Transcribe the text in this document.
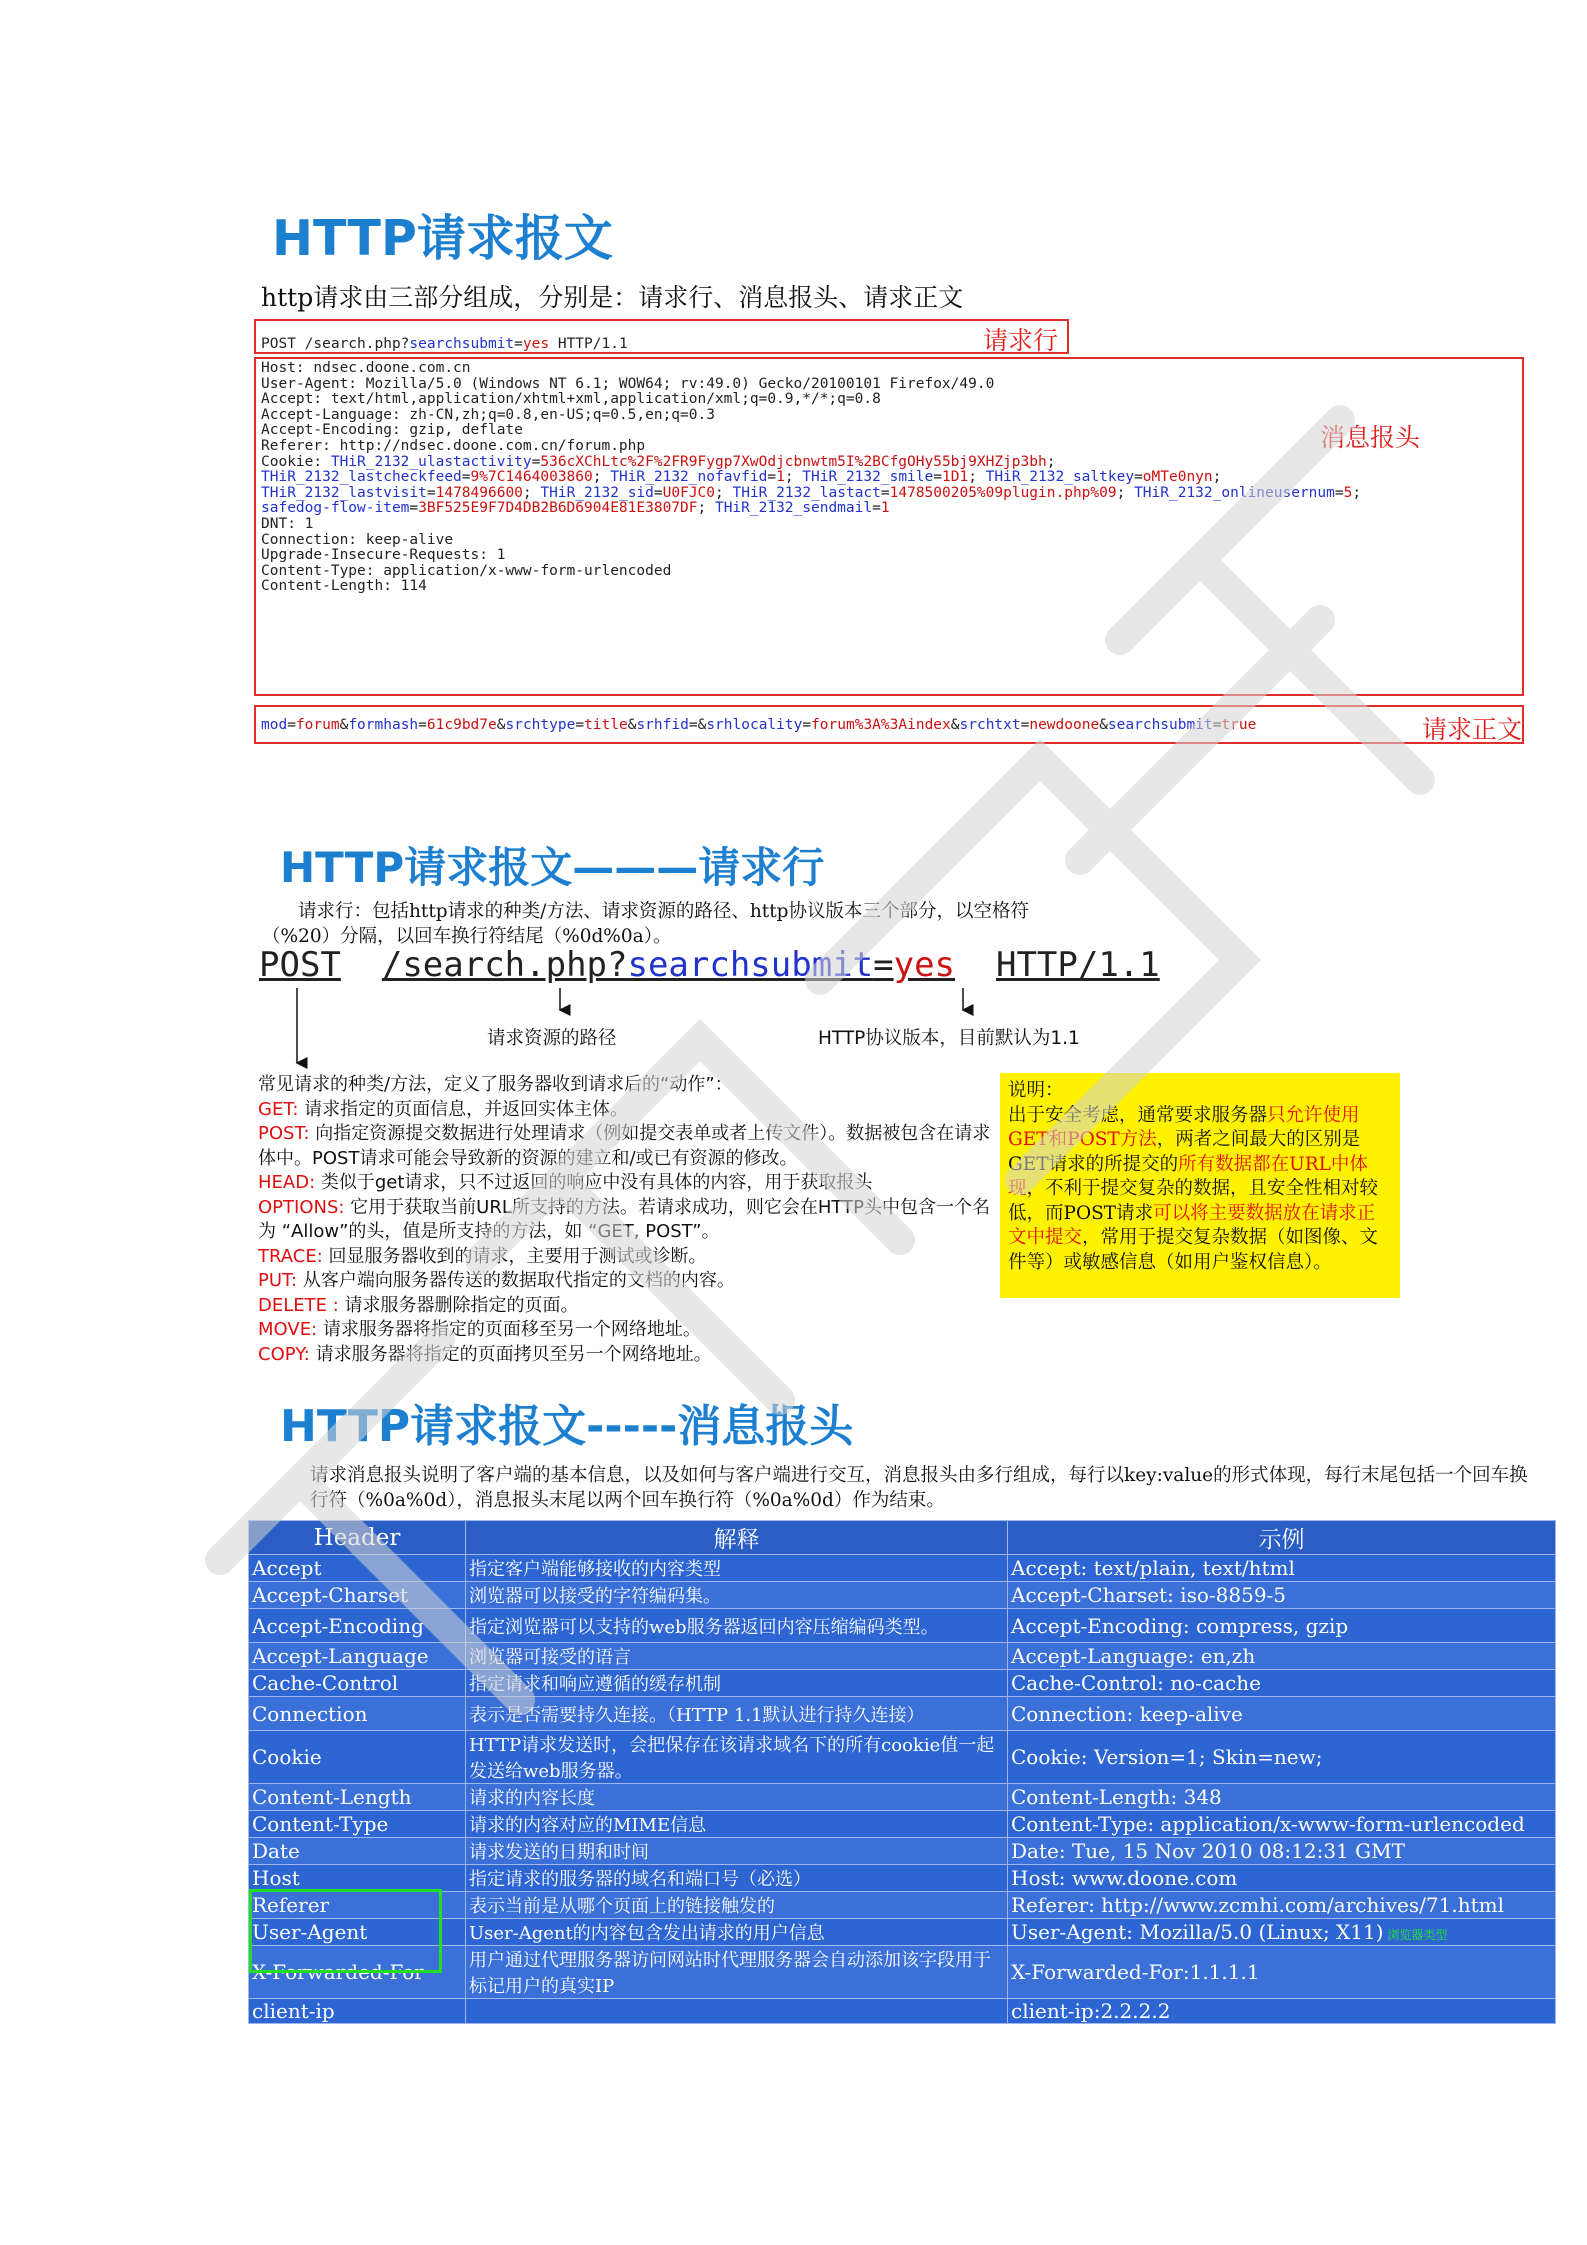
HTTP请求报文
http请求由三部分组成，分别是：请求行、消息报头、请求正文
请求行
POST /search.php?searchsubmit=yes HTTP/1.1
消息报头
Host: ndsec.doone.com.cn
User-Agent: Mozilla/5.0 (Windows NT 6.1; WOW64; rv:49.0) Gecko/20100101 Firefox/49.0
Accept: text/html,application/xhtml+xml,application/xml;q=0.9,*/*;q=0.8
Accept-Language: zh-CN,zh;q=0.8,en-US;q=0.5,en;q=0.3
Accept-Encoding: gzip, deflate
Referer: http://ndsec.doone.com.cn/forum.php
Cookie: THiR_2132_ulastactivity=536cXChLtc%2F%2FR9Fygp7XwOdjcbnwtm5I%2BCfgOHy55bj9XHZjp3bh;
THiR_2132_lastcheckfeed=9%7C1464003860; THiR_2132_nofavfid=1; THiR_2132_smile=1D1; THiR_2132_saltkey=oMTe0nyn;
THiR_2132_lastvisit=1478496600; THiR_2132_sid=U0FJC0; THiR_2132_lastact=1478500205%09plugin.php%09; THiR_2132_onlineusernum=5;
safedog-flow-item=3BF525E9F7D4DB2B6D6904E81E3807DF; THiR_2132_sendmail=1
DNT: 1
Connection: keep-alive
Upgrade-Insecure-Requests: 1
Content-Type: application/x-www-form-urlencoded
Content-Length: 114
请求正文
mod=forum&formhash=61c9bd7e&srchtype=title&srhfid=&srhlocality=forum%3A%3Aindex&srchtxt=newdoone&searchsubmit=true
HTTP请求报文———请求行
请求行：包括http请求的种类/方法、请求资源的路径、http协议版本三个部分，以空格符
（%20）分隔，以回车换行符结尾（%0d%0a）。
POST /search.php?searchsubmit=yes HTTP/1.1
请求资源的路径	HTTP协议版本，目前默认为1.1
常见请求的种类/方法，定义了服务器收到请求后的“动作”：
GET: 请求指定的页面信息，并返回实体主体。
POST: 向指定资源提交数据进行处理请求（例如提交表单或者上传文件）。数据被包含在请求体中。POST请求可能会导致新的资源的建立和/或已有资源的修改。
HEAD: 类似于get请求，只不过返回的响应中没有具体的内容，用于获取报头
OPTIONS: 它用于获取当前URL所支持的方法。若请求成功，则它会在HTTP头中包含一个名为 “Allow”的头，值是所支持的方法，如 “GET, POST”。
TRACE: 回显服务器收到的请求，主要用于测试或诊断。
PUT: 从客户端向服务器传送的数据取代指定的文档的内容。
DELETE : 请求服务器删除指定的页面。
MOVE: 请求服务器将指定的页面移至另一个网络地址。
COPY: 请求服务器将指定的页面拷贝至另一个网络地址。
说明：
出于安全考虑，通常要求服务器只允许使用GET和POST方法，两者之间最大的区别是GET请求的所提交的所有数据都在URL中体现，不利于提交复杂的数据，且安全性相对较低，而POST请求可以将主要数据放在请求正文中提交，常用于提交复杂数据（如图像、文件等）或敏感信息（如用户鉴权信息）。
HTTP请求报文-----消息报头
请求消息报头说明了客户端的基本信息，以及如何与客户端进行交互，消息报头由多行组成，每行以key:value的形式体现，每行末尾包括一个回车换行符（%0a%0d），消息报头末尾以两个回车换行符（%0a%0d）作为结束。
Header	解释	示例
Accept	指定客户端能够接收的内容类型	Accept: text/plain, text/html
Accept-Charset	浏览器可以接受的字符编码集。	Accept-Charset: iso-8859-5
Accept-Encoding	指定浏览器可以支持的web服务器返回内容压缩编码类型。	Accept-Encoding: compress, gzip
Accept-Language	浏览器可接受的语言	Accept-Language: en,zh
Cache-Control	指定请求和响应遵循的缓存机制	Cache-Control: no-cache
Connection	表示是否需要持久连接。（HTTP 1.1默认进行持久连接）	Connection: keep-alive
Cookie	HTTP请求发送时，会把保存在该请求域名下的所有cookie值一起发送给web服务器。	Cookie: Version=1; Skin=new;
Content-Length	请求的内容长度	Content-Length: 348
Content-Type	请求的内容对应的MIME信息	Content-Type: application/x-www-form-urlencoded
Date	请求发送的日期和时间	Date: Tue, 15 Nov 2010 08:12:31 GMT
Host	指定请求的服务器的域名和端口号（必选）	Host: www.doone.com
Referer	表示当前是从哪个页面上的链接触发的	Referer: http://www.zcmhi.com/archives/71.html
User-Agent	User-Agent的内容包含发出请求的用户信息	User-Agent: Mozilla/5.0 (Linux; X11) 浏览器类型
X-Forwarded-For	用户通过代理服务器访问网站时代理服务器会自动添加该字段用于标记用户的真实IP	X-Forwarded-For:1.1.1.1
client-ip		client-ip:2.2.2.2
